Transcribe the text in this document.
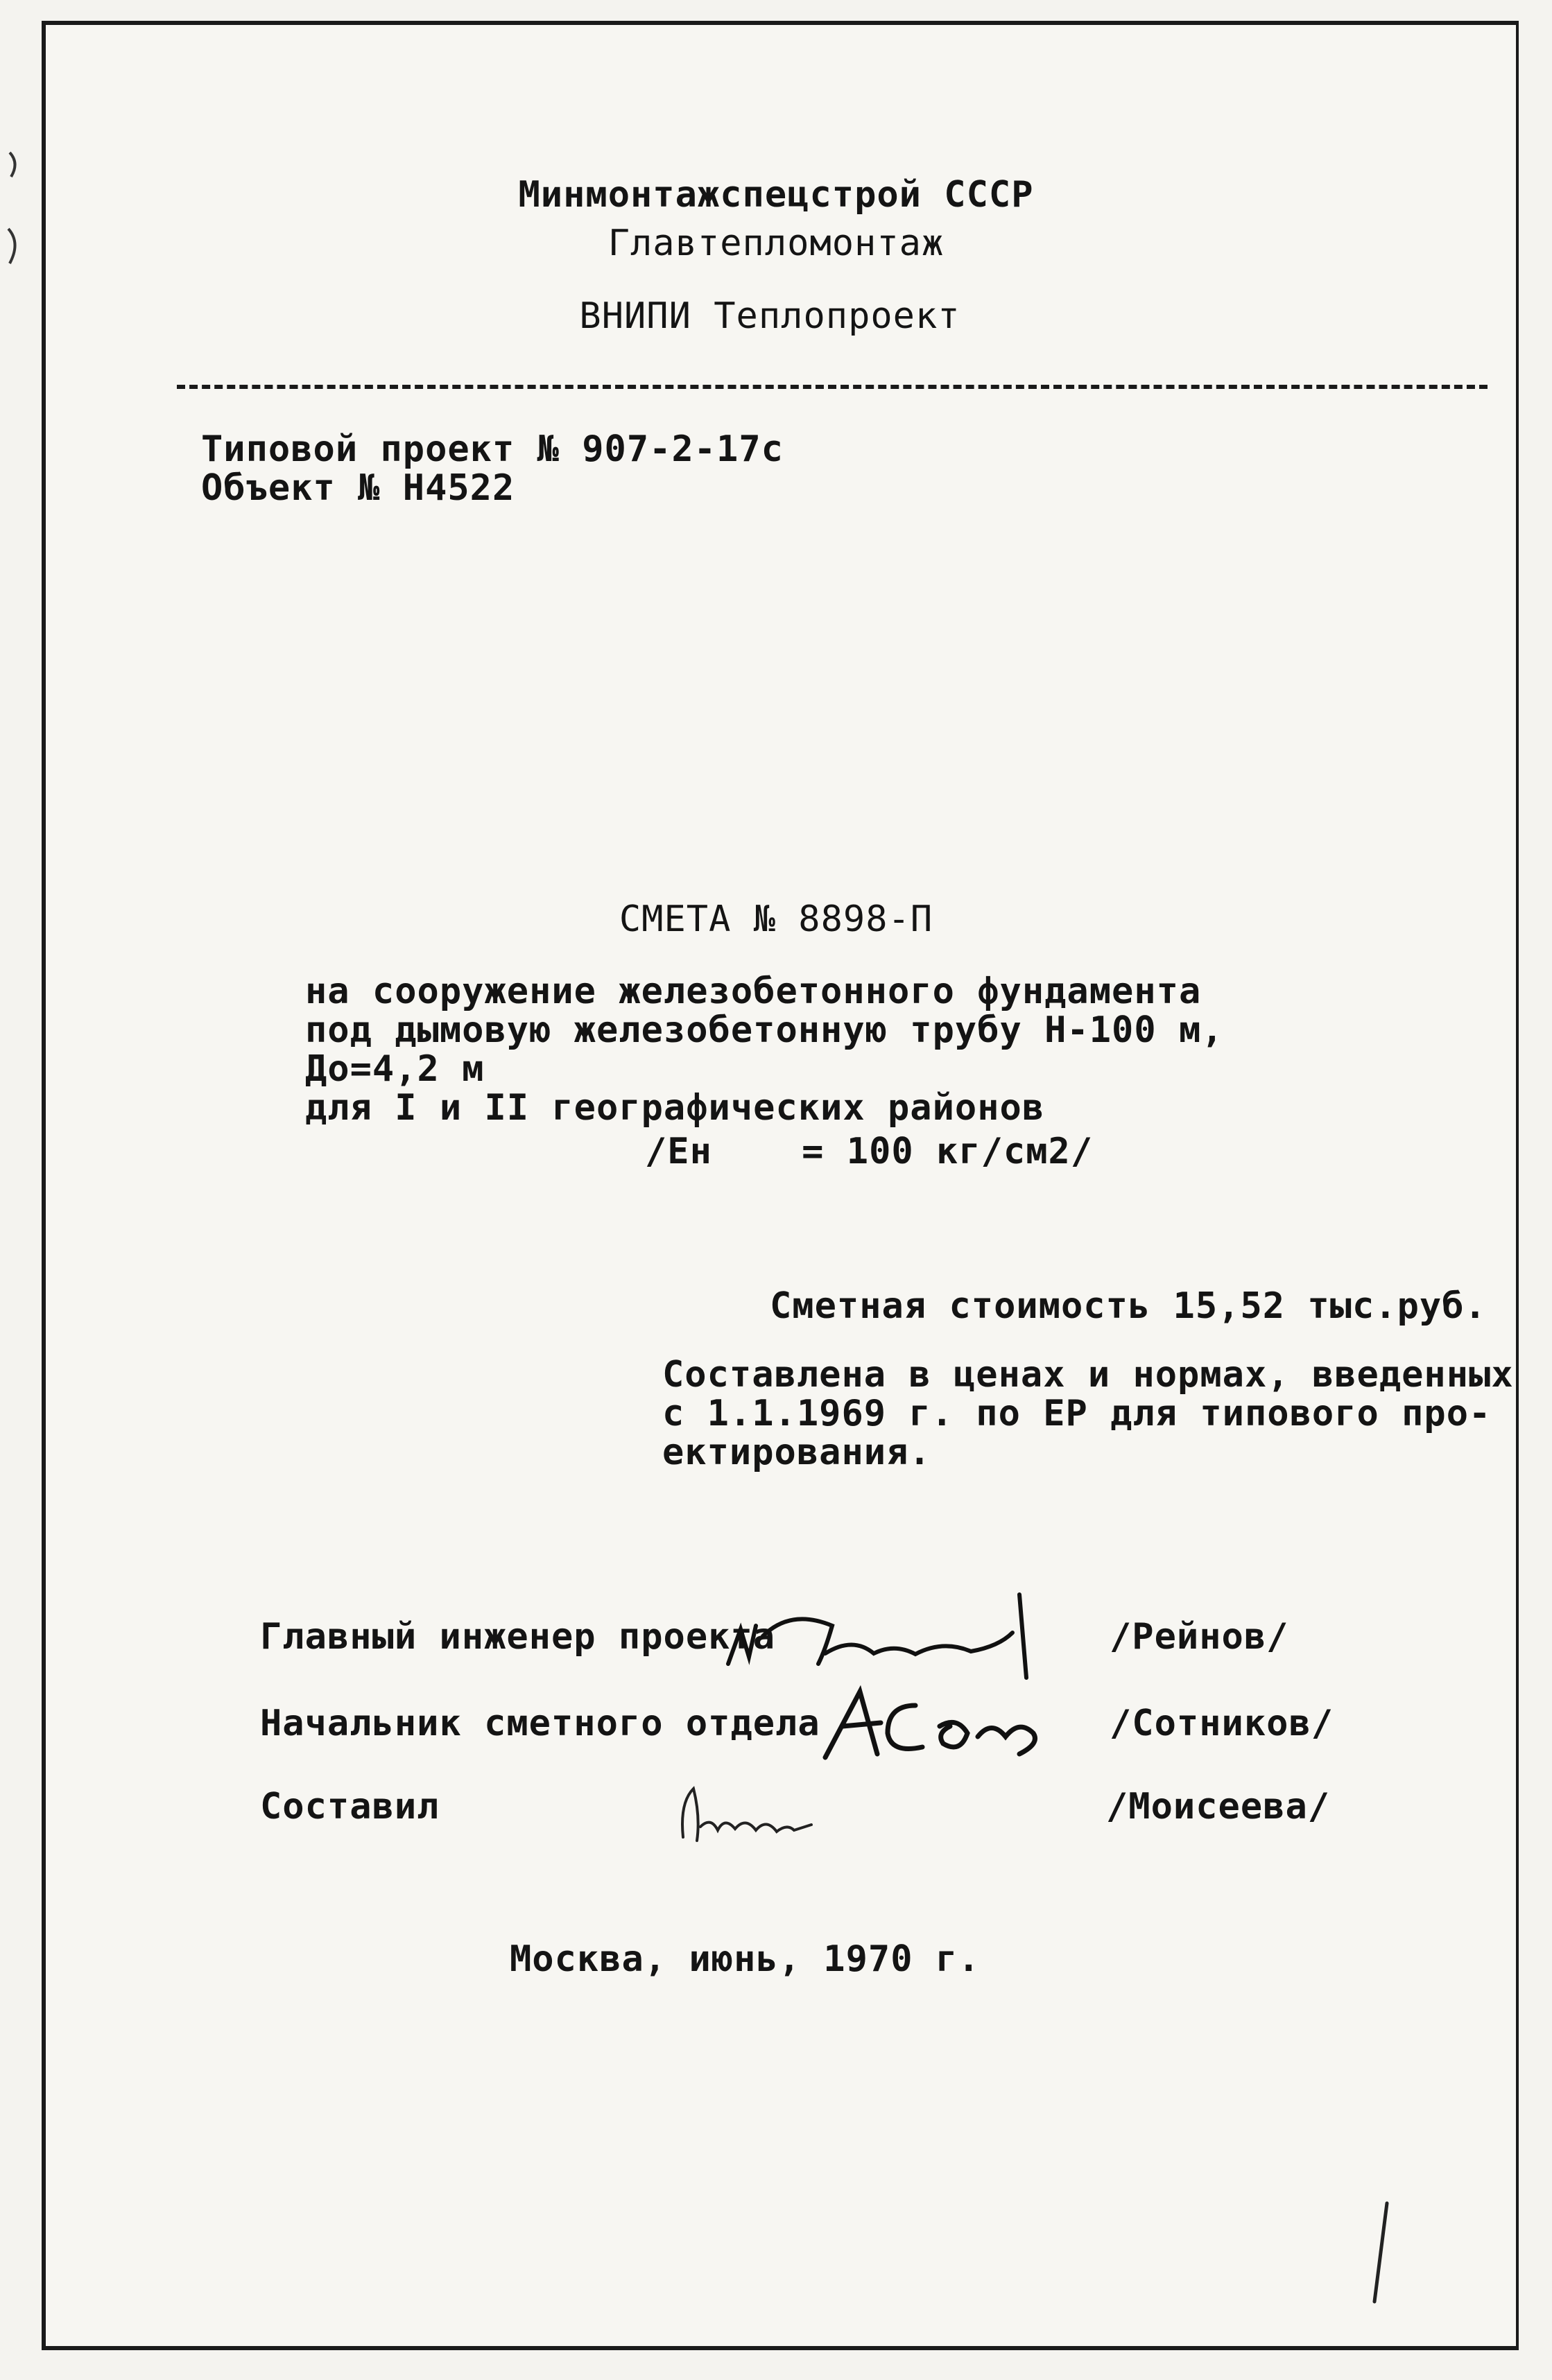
Минмонтажспецстрой СССР
Главтепломонтаж
ВНИПИ Теплопроект
Типовой проект № 907-2-17с
Объект № Н4522
СМЕТА № 8898-П
на сооружение железобетонного фундамента
под дымовую железобетонную трубу Н-100 м,
До=4,2 м
для I и II географических районов
/Ен    = 100 кг/см2/
Сметная стоимость 15,52 тыс.руб.
Составлена в ценах и нормах, введенных
с 1.1.1969 г. по ЕР для типового про-
ектирования.
Главный инженер проекта	/Рейнов/
Начальник сметного отдела	/Сотников/
Составил	/Моисеева/
Москва, июнь, 1970 г.
